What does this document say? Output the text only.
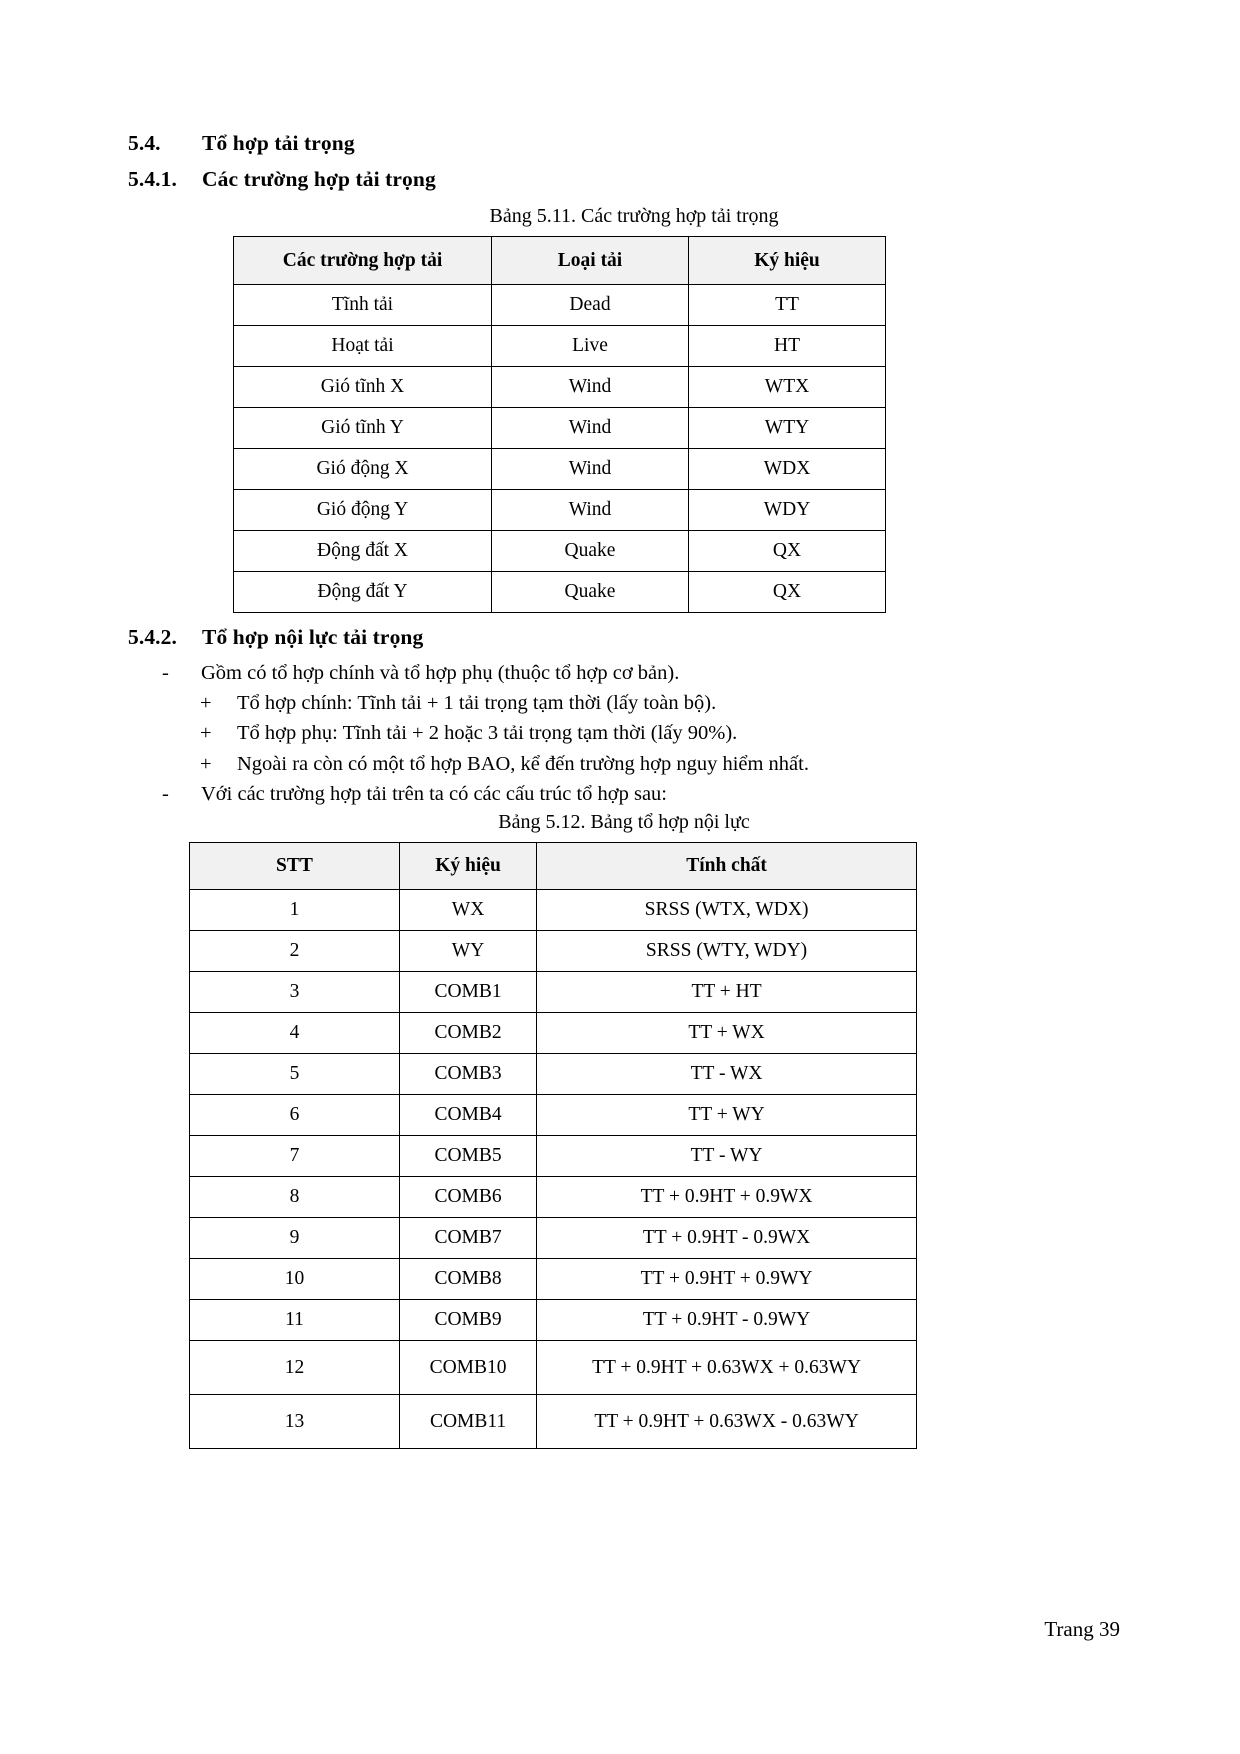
5.4.	Tổ hợp tải trọng
5.4.1.	Các trường hợp tải trọng
Bảng 5.11. Các trường hợp tải trọng
Các trường hợp tải	Loại tải	Ký hiệu
Tĩnh tải	Dead	TT
Hoạt tải	Live	HT
Gió tĩnh X	Wind	WTX
Gió tĩnh Y	Wind	WTY
Gió động X	Wind	WDX
Gió động Y	Wind	WDY
Động đất X	Quake	QX
Động đất Y	Quake	QX
5.4.2.	Tổ hợp nội lực tải trọng
-	Gồm có tổ hợp chính và tổ hợp phụ (thuộc tổ hợp cơ bản).
+	Tổ hợp chính: Tĩnh tải + 1 tải trọng tạm thời (lấy toàn bộ).
+	Tổ hợp phụ: Tĩnh tải + 2 hoặc 3 tải trọng tạm thời (lấy 90%).
+	Ngoài ra còn có một tổ hợp BAO, kể đến trường hợp nguy hiểm nhất.
-	Với các trường hợp tải trên ta có các cấu trúc tổ hợp sau:
Bảng 5.12. Bảng tổ hợp nội lực
STT	Ký hiệu	Tính chất
1	WX	SRSS (WTX, WDX)
2	WY	SRSS (WTY, WDY)
3	COMB1	TT + HT
4	COMB2	TT + WX
5	COMB3	TT - WX
6	COMB4	TT + WY
7	COMB5	TT - WY
8	COMB6	TT + 0.9HT + 0.9WX
9	COMB7	TT + 0.9HT - 0.9WX
10	COMB8	TT + 0.9HT + 0.9WY
11	COMB9	TT + 0.9HT - 0.9WY
12	COMB10	TT + 0.9HT + 0.63WX + 0.63WY
13	COMB11	TT + 0.9HT + 0.63WX - 0.63WY
Trang 39
